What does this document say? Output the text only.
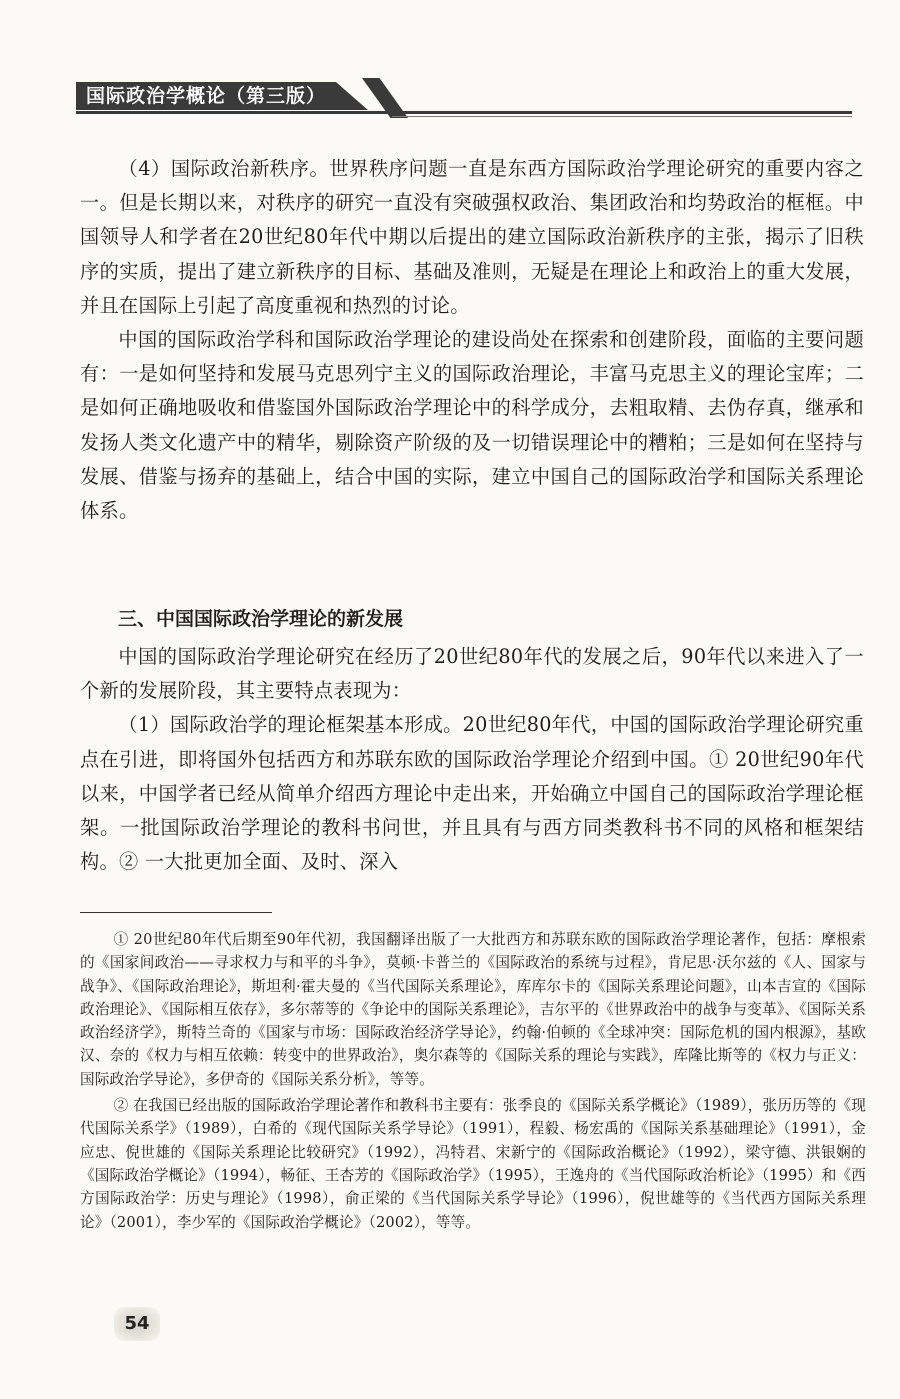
国际政治学概论（第三版）

（4）国际政治新秩序。世界秩序问题一直是东西方国际政治学理论研究的重要内容之一。但是长期以来，对秩序的研究一直没有突破强权政治、集团政治和均势政治的框框。中国领导人和学者在20世纪80年代中期以后提出的建立国际政治新秩序的主张，揭示了旧秩序的实质，提出了建立新秩序的目标、基础及准则，无疑是在理论上和政治上的重大发展，并且在国际上引起了高度重视和热烈的讨论。

中国的国际政治学科和国际政治学理论的建设尚处在探索和创建阶段，面临的主要问题有：一是如何坚持和发展马克思列宁主义的国际政治理论，丰富马克思主义的理论宝库；二是如何正确地吸收和借鉴国外国际政治学理论中的科学成分，去粗取精、去伪存真，继承和发扬人类文化遗产中的精华，剔除资产阶级的及一切错误理论中的糟粕；三是如何在坚持与发展、借鉴与扬弃的基础上，结合中国的实际，建立中国自己的国际政治学和国际关系理论体系。

三、中国国际政治学理论的新发展

中国的国际政治学理论研究在经历了20世纪80年代的发展之后，90年代以来进入了一个新的发展阶段，其主要特点表现为：

（1）国际政治学的理论框架基本形成。20世纪80年代，中国的国际政治学理论研究重点在引进，即将国外包括西方和苏联东欧的国际政治学理论介绍到中国。① 20世纪90年代以来，中国学者已经从简单介绍西方理论中走出来，开始确立中国自己的国际政治学理论框架。一批国际政治学理论的教科书问世，并且具有与西方同类教科书不同的风格和框架结构。② 一大批更加全面、及时、深入

① 20世纪80年代后期至90年代初，我国翻译出版了一大批西方和苏联东欧的国际政治学理论著作，包括：摩根索的《国家间政治——寻求权力与和平的斗争》，莫顿·卡普兰的《国际政治的系统与过程》，肯尼思·沃尔兹的《人、国家与战争》、《国际政治理论》，斯坦利·霍夫曼的《当代国际关系理论》，库库尔卡的《国际关系理论问题》，山本吉宣的《国际政治理论》、《国际相互依存》，多尔蒂等的《争论中的国际关系理论》，吉尔平的《世界政治中的战争与变革》、《国际关系政治经济学》，斯特兰奇的《国家与市场：国际政治经济学导论》，约翰·伯顿的《全球冲突：国际危机的国内根源》，基欧汉、奈的《权力与相互依赖：转变中的世界政治》，奥尔森等的《国际关系的理论与实践》，库隆比斯等的《权力与正义：国际政治学导论》，多伊奇的《国际关系分析》，等等。

② 在我国已经出版的国际政治学理论著作和教科书主要有：张季良的《国际关系学概论》（1989），张历历等的《现代国际关系学》（1989），白希的《现代国际关系学导论》（1991），程毅、杨宏禹的《国际关系基础理论》（1991），金应忠、倪世雄的《国际关系理论比较研究》（1992），冯特君、宋新宁的《国际政治概论》（1992），梁守德、洪银娴的《国际政治学概论》（1994），畅征、王杏芳的《国际政治学》（1995），王逸舟的《当代国际政治析论》（1995）和《西方国际政治学：历史与理论》（1998），俞正梁的《当代国际关系学导论》（1996），倪世雄等的《当代西方国际关系理论》（2001），李少军的《国际政治学概论》（2002），等等。

54
